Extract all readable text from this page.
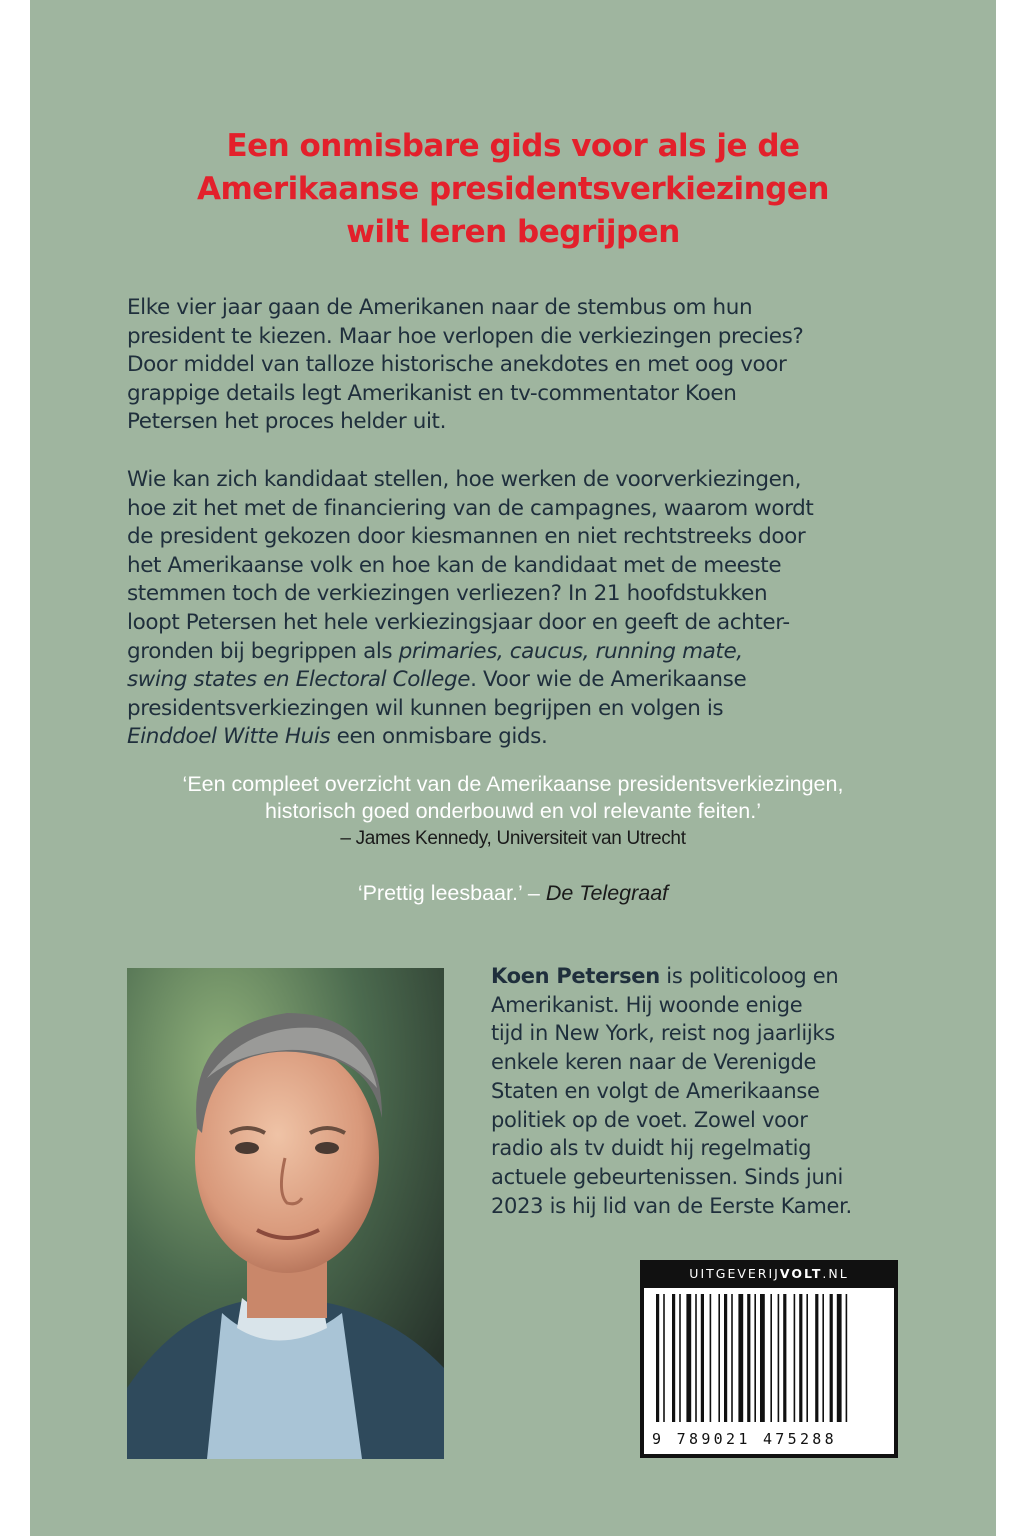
Een onmisbare gids voor als je de
Amerikaanse presidentsverkiezingen
wilt leren begrijpen

Elke vier jaar gaan de Amerikanen naar de stembus om hun

president te kiezen. Maar hoe verlopen die verkiezingen precies?

Door middel van talloze historische anekdotes en met oog voor

grappige details legt Amerikanist en tv-commentator Koen

Petersen het proces helder uit.

Wie kan zich kandidaat stellen, hoe werken de voorverkiezingen,

hoe zit het met de financiering van de campagnes, waarom wordt

de president gekozen door kiesmannen en niet rechtstreeks door

het Amerikaanse volk en hoe kan de kandidaat met de meeste

stemmen toch de verkiezingen verliezen? In 21 hoofdstukken

loopt Petersen het hele verkiezingsjaar door en geeft de achter-

gronden bij begrippen als primaries, caucus, running mate,

swing states en Electoral College. Voor wie de Amerikaanse

presidentsverkiezingen wil kunnen begrijpen en volgen is

Einddoel Witte Huis een onmisbare gids.

‘Een compleet overzicht van de Amerikaanse presidentsverkiezingen,
historisch goed onderbouwd en vol relevante feiten.’
– James Kennedy, Universiteit van Utrecht
‘Prettig leesbaar.’ – De Telegraaf
Koen Petersen is politicoloog en
Amerikanist. Hij woonde enige
tijd in New York, reist nog jaarlijks
enkele keren naar de Verenigde
Staten en volgt de Amerikaanse
politiek op de voet. Zowel voor
radio als tv duidt hij regelmatig
actuele gebeurtenissen. Sinds juni
2023 is hij lid van de Eerste Kamer.
UITGEVERIJVOLT.NL
9 789021 475288
